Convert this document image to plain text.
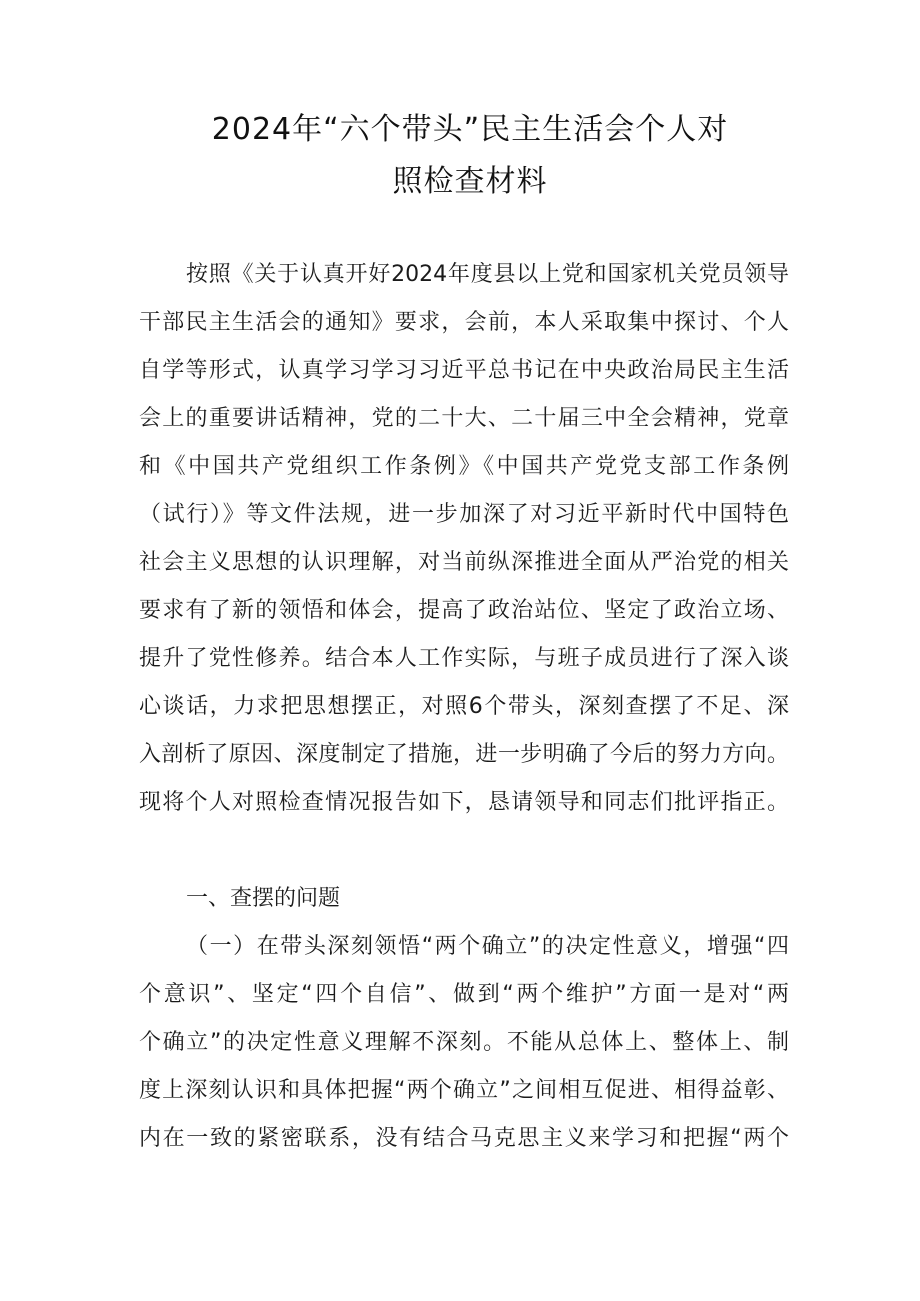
2024年“六个带头”民主生活会个人对
照检查材料
按照《关于认真开好2024年度县以上党和国家机关党员领导
干部民主生活会的通知》要求，会前，本人采取集中探讨、个人
自学等形式，认真学习学习习近平总书记在中央政治局民主生活
会上的重要讲话精神，党的二十大、二十届三中全会精神，党章
和《中国共产党组织工作条例》《中国共产党党支部工作条例
（试行）》等文件法规，进一步加深了对习近平新时代中国特色
社会主义思想的认识理解，对当前纵深推进全面从严治党的相关
要求有了新的领悟和体会，提高了政治站位、坚定了政治立场、
提升了党性修养。结合本人工作实际，与班子成员进行了深入谈
心谈话，力求把思想摆正，对照6个带头，深刻查摆了不足、深
入剖析了原因、深度制定了措施，进一步明确了今后的努力方向。
现将个人对照检查情况报告如下，恳请领导和同志们批评指正。
一、查摆的问题
（一）在带头深刻领悟“两个确立”的决定性意义，增强“四
个意识”、坚定“四个自信”、做到“两个维护”方面一是对“两
个确立”的决定性意义理解不深刻。不能从总体上、整体上、制
度上深刻认识和具体把握“两个确立”之间相互促进、相得益彰、
内在一致的紧密联系，没有结合马克思主义来学习和把握“两个
